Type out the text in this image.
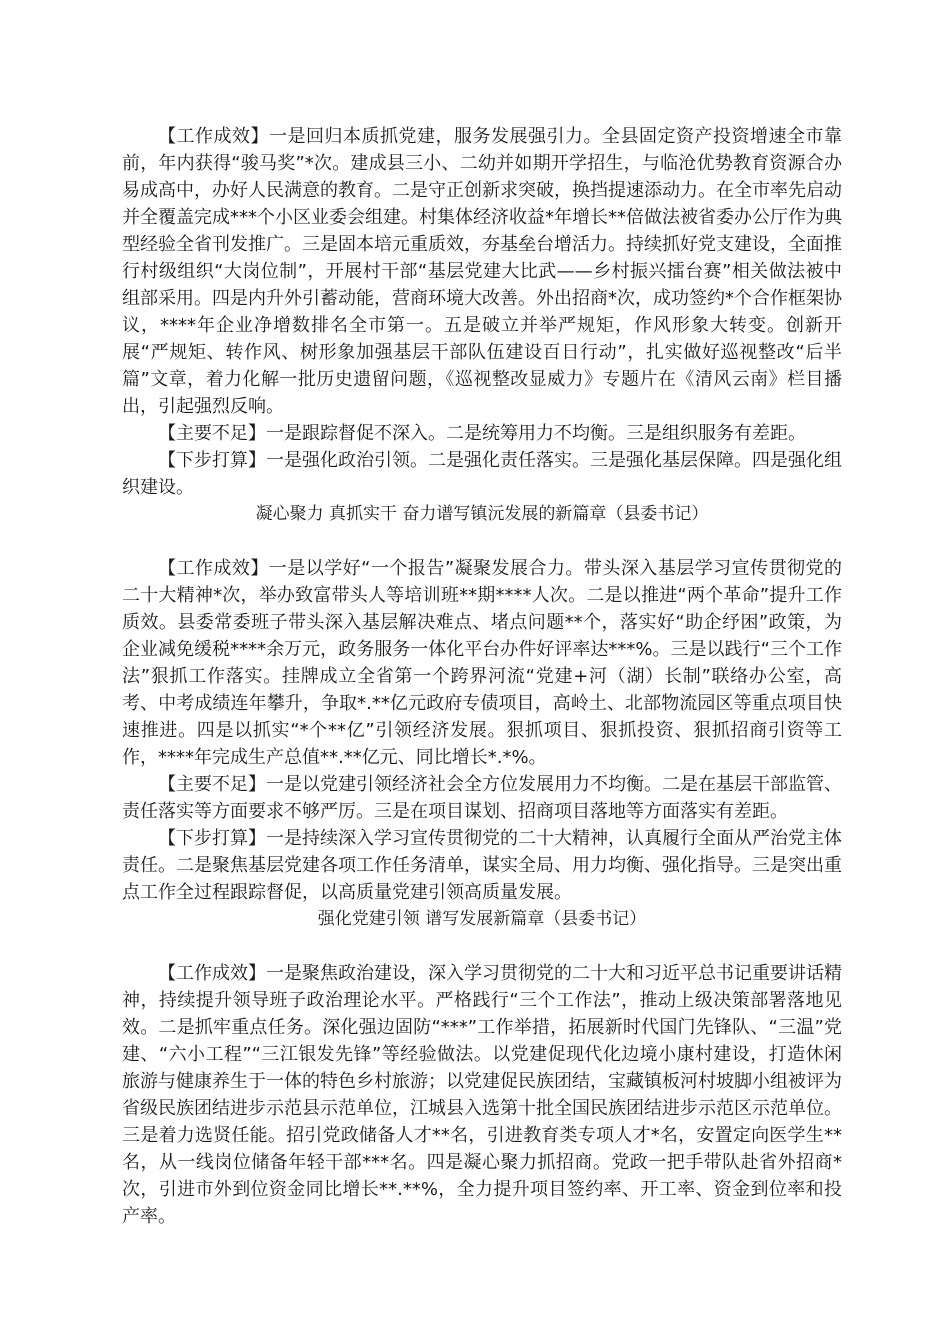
【工作成效】一是回归本质抓党建，服务发展强引力。全县固定资产投资增速全市靠前，年内获得“骏马奖”*次。建成县三小、二幼并如期开学招生，与临沧优势教育资源合办易成高中，办好人民满意的教育。二是守正创新求突破，换挡提速添动力。在全市率先启动并全覆盖完成***个小区业委会组建。村集体经济收益*年增长**倍做法被省委办公厅作为典型经验全省刊发推广。三是固本培元重质效，夯基垒台增活力。持续抓好党支建设，全面推行村级组织“大岗位制”，开展村干部“基层党建大比武——乡村振兴擂台赛”相关做法被中组部采用。四是内升外引蓄动能，营商环境大改善。外出招商*次，成功签约*个合作框架协议，****年企业净增数排名全市第一。五是破立并举严规矩，作风形象大转变。创新开展“严规矩、转作风、树形象加强基层干部队伍建设百日行动”，扎实做好巡视整改“后半篇”文章，着力化解一批历史遗留问题，《巡视整改显威力》专题片在《清风云南》栏目播出，引起强烈反响。

【主要不足】一是跟踪督促不深入。二是统筹用力不均衡。三是组织服务有差距。

【下步打算】一是强化政治引领。二是强化责任落实。三是强化基层保障。四是强化组织建设。

凝心聚力 真抓实干 奋力谱写镇沅发展的新篇章（县委书记）

【工作成效】一是以学好“一个报告”凝聚发展合力。带头深入基层学习宣传贯彻党的二十大精神*次，举办致富带头人等培训班**期****人次。二是以推进“两个革命”提升工作质效。县委常委班子带头深入基层解决难点、堵点问题**个，落实好“助企纾困”政策，为企业减免缓税****余万元，政务服务一体化平台办件好评率达***%。三是以践行“三个工作法”狠抓工作落实。挂牌成立全省第一个跨界河流“党建+河（湖）长制”联络办公室，高考、中考成绩连年攀升，争取*.**亿元政府专债项目，高岭土、北部物流园区等重点项目快速推进。四是以抓实“*个**亿”引领经济发展。狠抓项目、狠抓投资、狠抓招商引资等工作，****年完成生产总值**.**亿元、同比增长*.*%。

【主要不足】一是以党建引领经济社会全方位发展用力不均衡。二是在基层干部监管、责任落实等方面要求不够严厉。三是在项目谋划、招商项目落地等方面落实有差距。

【下步打算】一是持续深入学习宣传贯彻党的二十大精神，认真履行全面从严治党主体责任。二是聚焦基层党建各项工作任务清单，谋实全局、用力均衡、强化指导。三是突出重点工作全过程跟踪督促，以高质量党建引领高质量发展。

强化党建引领 谱写发展新篇章（县委书记）

【工作成效】一是聚焦政治建设，深入学习贯彻党的二十大和习近平总书记重要讲话精神，持续提升领导班子政治理论水平。严格践行“三个工作法”，推动上级决策部署落地见效。二是抓牢重点任务。深化强边固防“***”工作举措，拓展新时代国门先锋队、“三温”党建、“六小工程”“三江银发先锋”等经验做法。以党建促现代化边境小康村建设，打造休闲旅游与健康养生于一体的特色乡村旅游；以党建促民族团结，宝藏镇板河村坡脚小组被评为省级民族团结进步示范县示范单位，江城县入选第十批全国民族团结进步示范区示范单位。三是着力选贤任能。招引党政储备人才**名，引进教育类专项人才*名，安置定向医学生**名，从一线岗位储备年轻干部***名。四是凝心聚力抓招商。党政一把手带队赴省外招商*次，引进市外到位资金同比增长**.**%，全力提升项目签约率、开工率、资金到位率和投产率。
